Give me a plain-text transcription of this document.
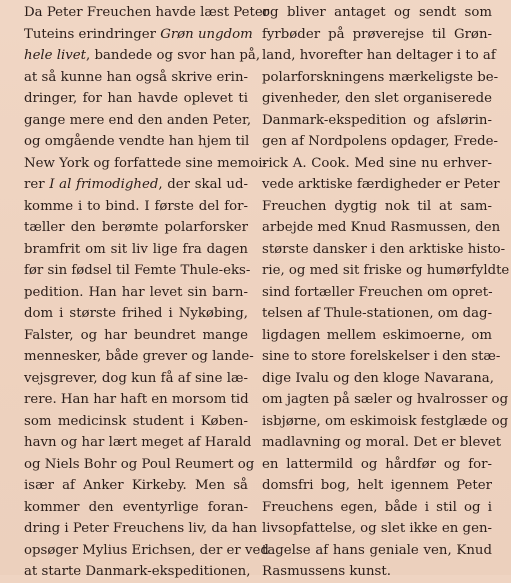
Da Peter Freuchen havde læst Peter
Tuteins erindringer Grøn ungdom
hele livet, bandede og svor han på,
at så kunne han også skrive erin-
dringer, for han havde oplevet ti
gange mere end den anden Peter,
og omgående vendte han hjem til
New York og forfattede sine memoi-
rer I al frimodighed, der skal ud-
komme i to bind. I første del for-
tæller den berømte polarforsker
bramfrit om sit liv lige fra dagen
før sin fødsel til Femte Thule-eks-
pedition. Han har levet sin barn-
dom i største frihed i Nykøbing,
Falster, og har beundret mange
mennesker, både grever og lande-
vejsgrever, dog kun få af sine læ-
rere. Han har haft en morsom tid
som medicinsk student i Køben-
havn og har lært meget af Harald
og Niels Bohr og Poul Reumert og
især af Anker Kirkeby. Men så
kommer den eventyrlige foran-
dring i Peter Freuchens liv, da han
opsøger Mylius Erichsen, der er ved
at starte Danmark-ekspeditionen,
og bliver antaget og sendt som
fyrbøder på prøverejse til Grøn-
land, hvorefter han deltager i to af
polarforskningens mærkeligste be-
givenheder, den slet organiserede
Danmark-ekspedition og afslørin-
gen af Nordpolens opdager, Frede-
rick A. Cook. Med sine nu erhver-
vede arktiske færdigheder er Peter
Freuchen dygtig nok til at sam-
arbejde med Knud Rasmussen, den
største dansker i den arktiske histo-
rie, og med sit friske og humørfyldte
sind fortæller Freuchen om opret-
telsen af Thule-stationen, om dag-
ligdagen mellem eskimoerne, om
sine to store forelskelser i den stæ-
dige Ivalu og den kloge Navarana,
om jagten på sæler og hvalrosser og
isbjørne, om eskimoisk festglæde og
madlavning og moral. Det er blevet
en lattermild og hårdfør og for-
domsfri bog, helt igennem Peter
Freuchens egen, både i stil og i
livsopfattelse, og slet ikke en gen-
tagelse af hans geniale ven, Knud
Rasmussens kunst.
